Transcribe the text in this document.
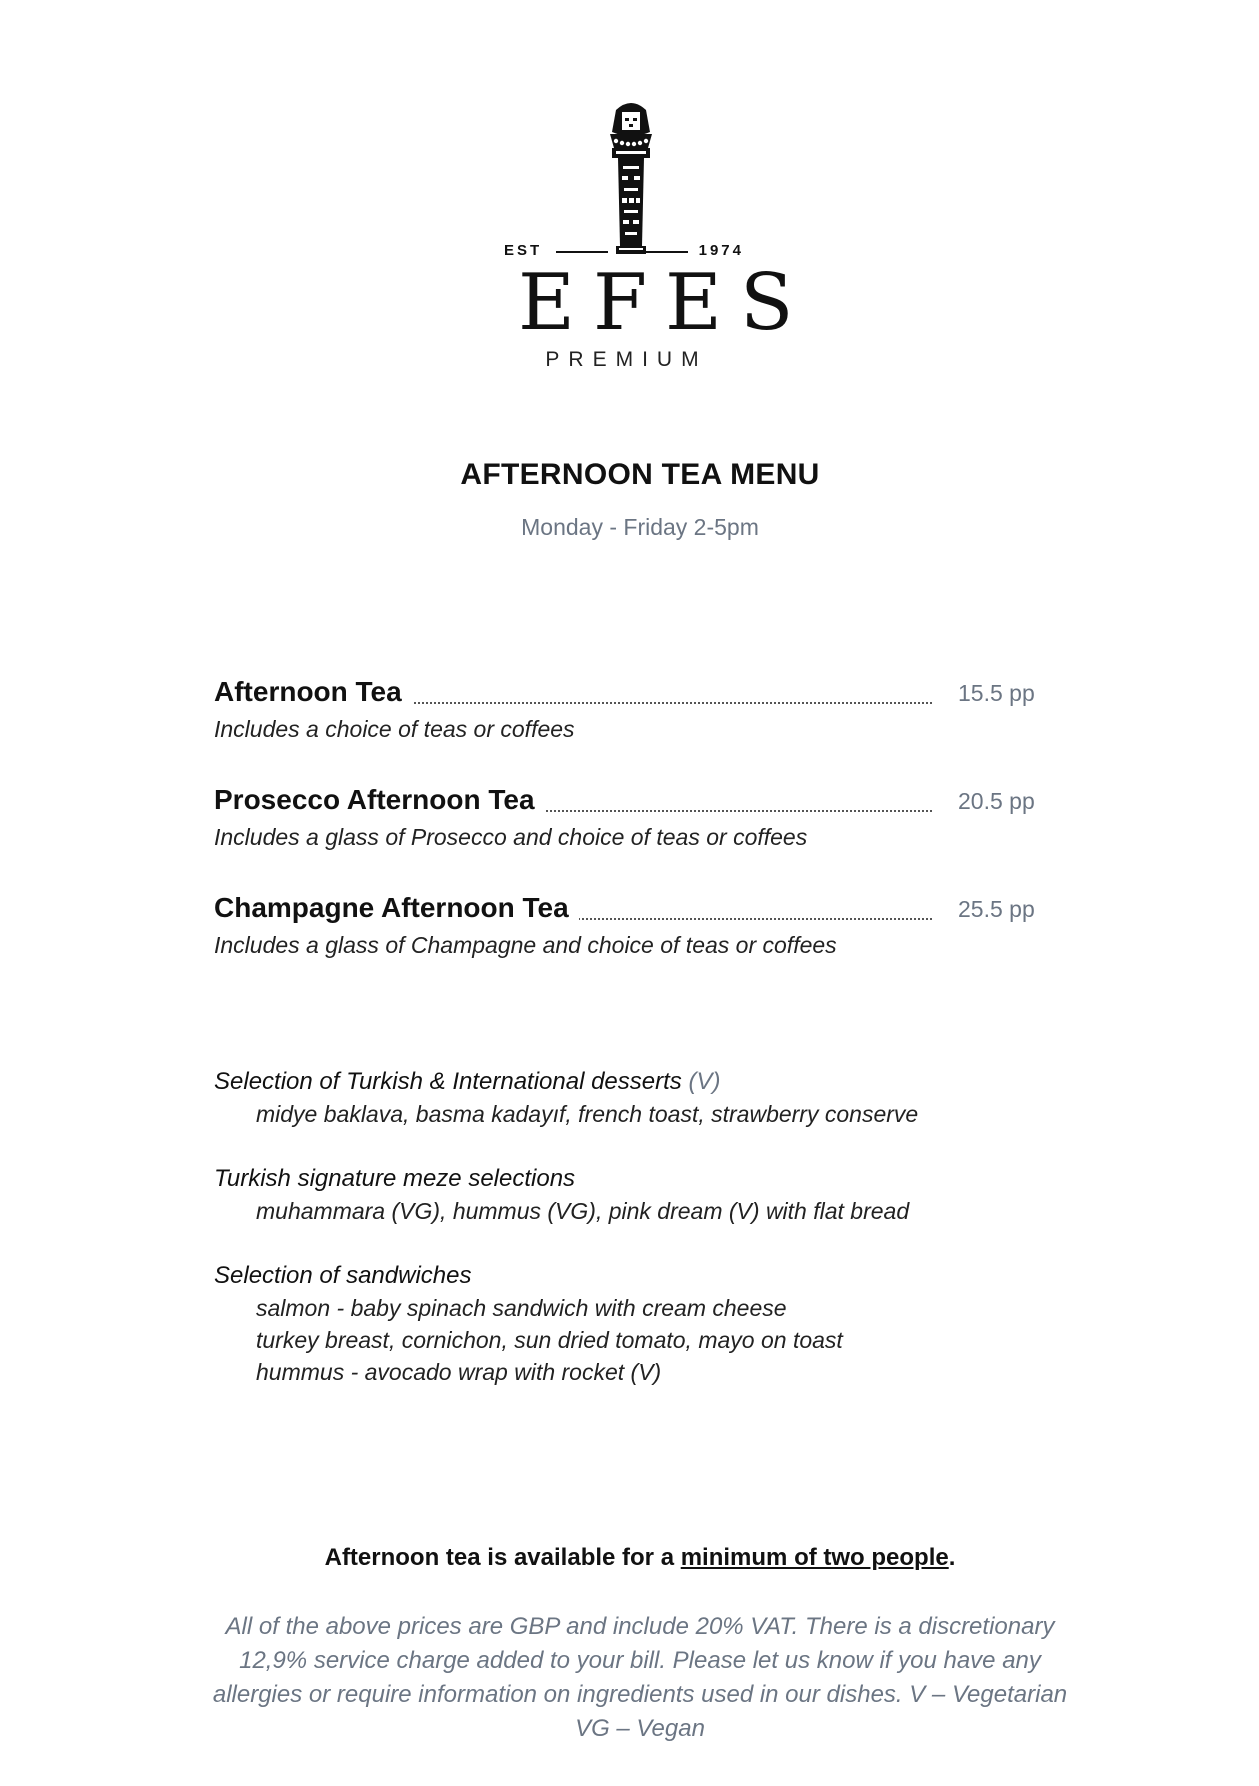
EST	1974
EFES
PREMIUM
AFTERNOON TEA MENU
Monday - Friday 2-5pm
Afternoon Tea	15.5 pp
Includes a choice of teas or coffees
Prosecco Afternoon Tea	20.5 pp
Includes a glass of Prosecco and choice of teas or coffees
Champagne Afternoon Tea	25.5 pp
Includes a glass of Champagne and choice of teas or coffees
Selection of Turkish & International desserts (V)
midye baklava, basma kadayıf, french toast, strawberry conserve
Turkish signature meze selections
muhammara (VG), hummus (VG), pink dream (V) with flat bread
Selection of sandwiches
salmon - baby spinach sandwich with cream cheese
turkey breast, cornichon, sun dried tomato, mayo on toast
hummus - avocado wrap with rocket (V)
Afternoon tea is available for a minimum of two people.
All of the above prices are GBP and include 20% VAT. There is a discretionary 12,9% service charge added to your bill. Please let us know if you have any allergies or require information on ingredients used in our dishes. V – Vegetarian VG – Vegan
